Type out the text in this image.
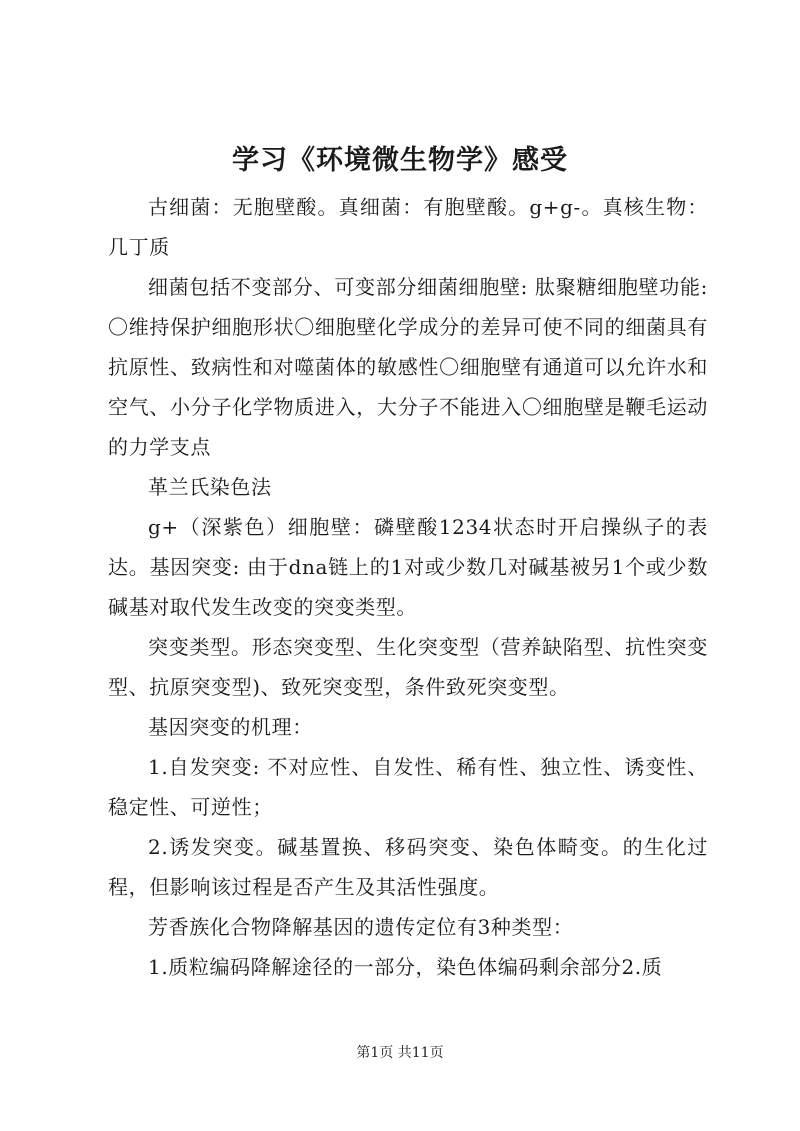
学习《环境微生物学》感受

古细菌：无胞壁酸。真细菌：有胞壁酸。g+g-。真核生物：几丁质

细菌包括不变部分、可变部分细菌细胞壁: 肽聚糖细胞壁功能: 〇维持保护细胞形状〇细胞壁化学成分的差异可使不同的细菌具有抗原性、致病性和对噬菌体的敏感性〇细胞壁有通道可以允许水和空气、小分子化学物质进入，大分子不能进入〇细胞壁是鞭毛运动的力学支点

革兰氏染色法

g+（深紫色）细胞壁：磷壁酸1234状态时开启操纵子的表达。基因突变: 由于dna链上的1对或少数几对碱基被另1个或少数碱基对取代发生改变的突变类型。

突变类型。形态突变型、生化突变型（营养缺陷型、抗性突变型、抗原突变型)、致死突变型，条件致死突变型。

基因突变的机理：

1.自发突变: 不对应性、自发性、稀有性、独立性、诱变性、稳定性、可逆性；

2.诱发突变。碱基置换、移码突变、染色体畸变。的生化过程，但影响该过程是否产生及其活性强度。

芳香族化合物降解基因的遗传定位有3种类型：

1.质粒编码降解途径的一部分，染色体编码剩余部分2.质

第1页 共11页
